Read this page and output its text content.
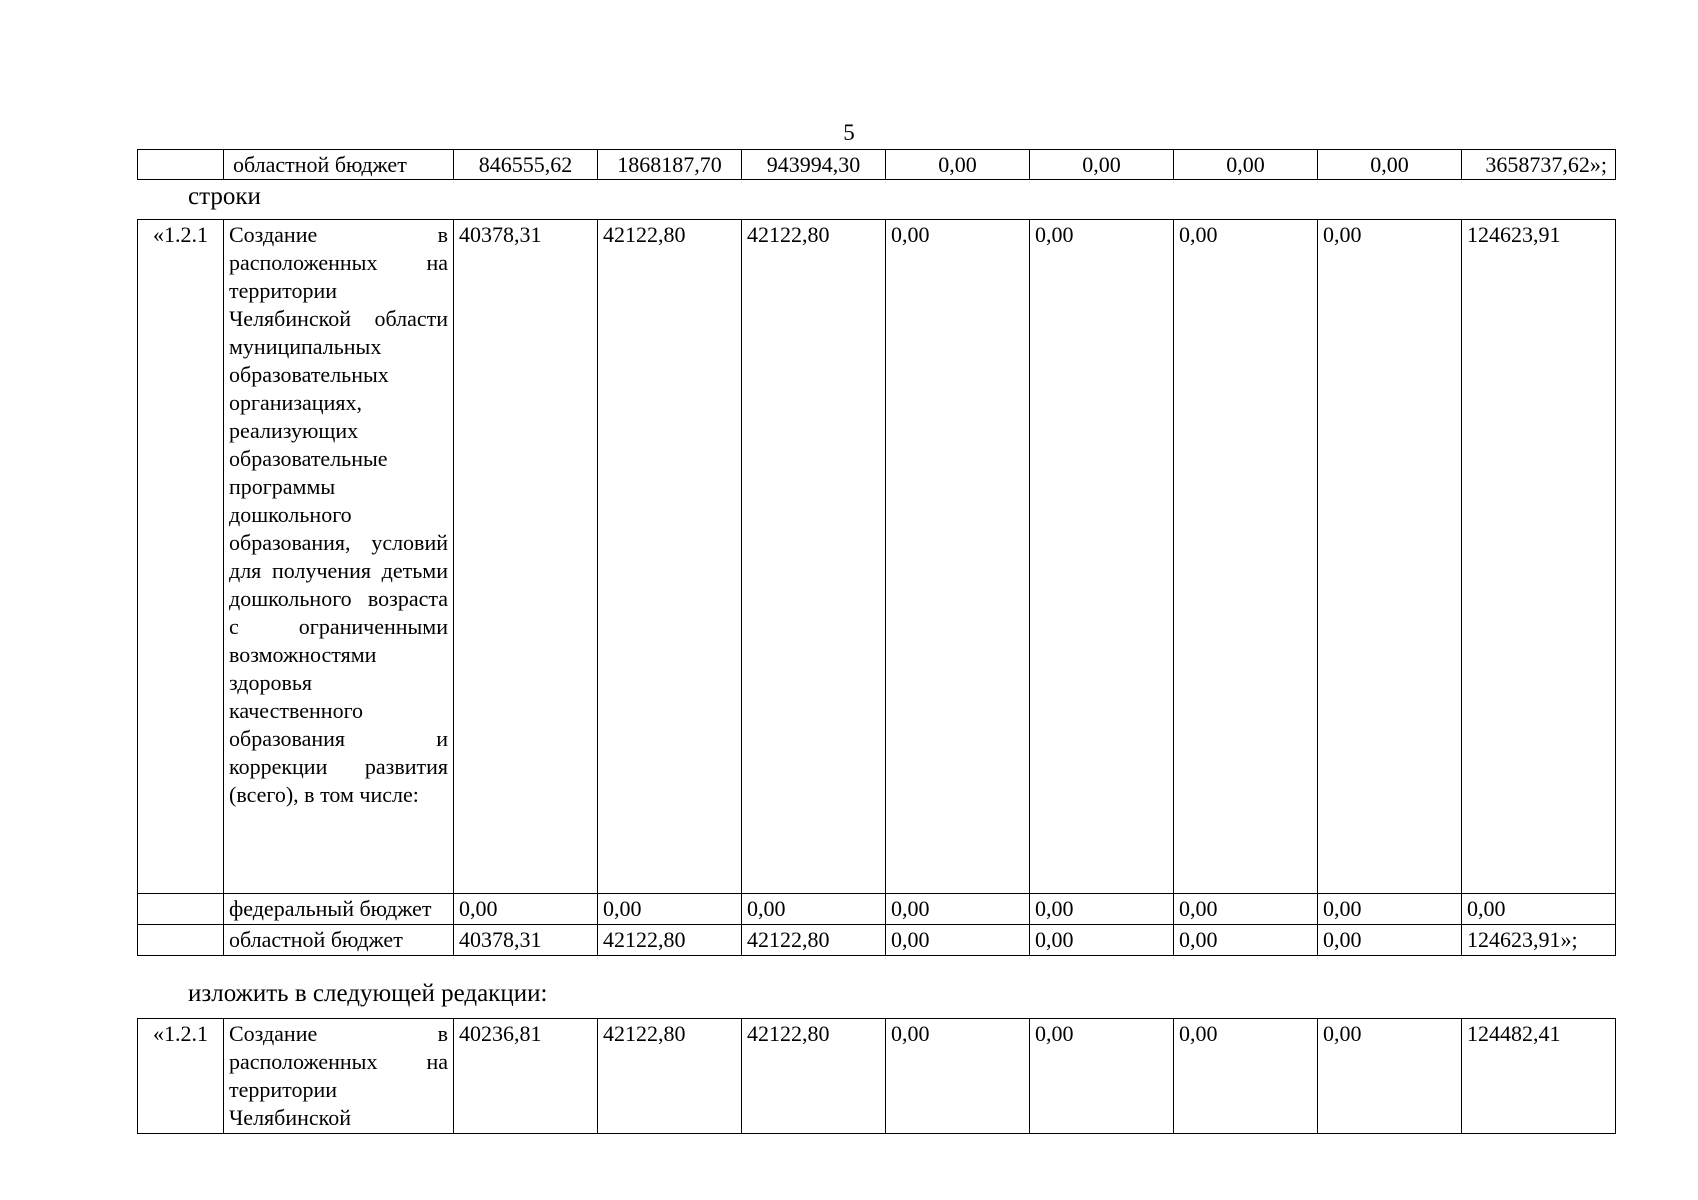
5
	областной бюджет	846555,62	1868187,70	943994,30	0,00	0,00	0,00	0,00	3658737,62»;
строки
«1.2.1	Создание в расположенных на территории Челябинской области муниципальных образовательных организациях, реализующих образовательные программы дошкольного образования, условий для получения детьми дошкольного возраста с ограниченными возможностями здоровья качественного образования и коррекции развития (всего), в том числе:	40378,31	42122,80	42122,80	0,00	0,00	0,00	0,00	124623,91
	федеральный бюджет	0,00	0,00	0,00	0,00	0,00	0,00	0,00	0,00
	областной бюджет	40378,31	42122,80	42122,80	0,00	0,00	0,00	0,00	124623,91»;
изложить в следующей редакции:
«1.2.1	Создание в расположенных на территории Челябинской	40236,81	42122,80	42122,80	0,00	0,00	0,00	0,00	124482,41
